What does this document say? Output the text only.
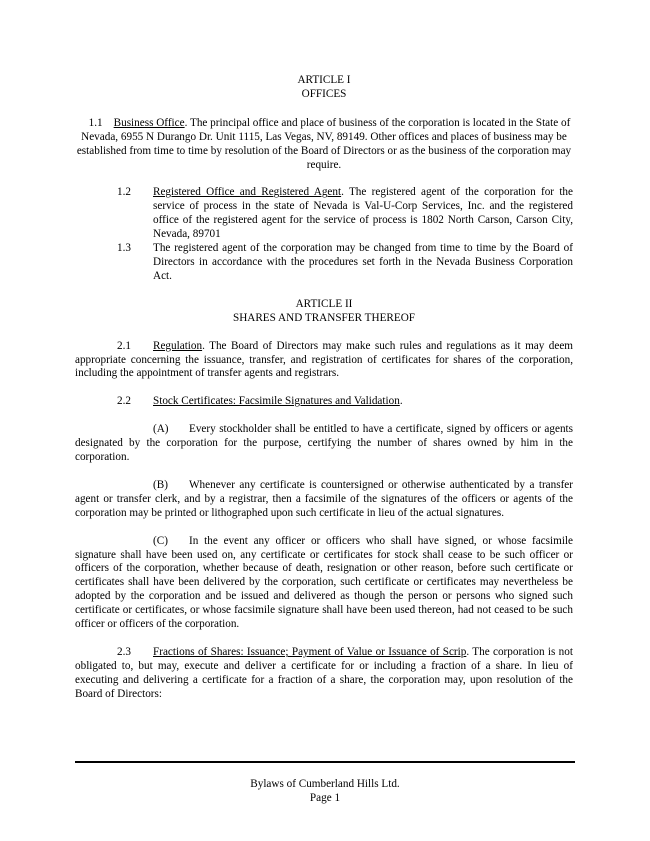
ARTICLE I
OFFICES

1.1 Business Office. The principal office and place of business of the corporation is located in the State of Nevada, 6955 N Durango Dr. Unit 1115, Las Vegas, NV, 89149. Other offices and places of business may be established from time to time by resolution of the Board of Directors or as the business of the corporation may require.

1.2 Registered Office and Registered Agent. The registered agent of the corporation for the service of process in the state of Nevada is Val-U-Corp Services, Inc. and the registered office of the registered agent for the service of process is 1802 North Carson, Carson City, Nevada, 89701

1.3 The registered agent of the corporation may be changed from time to time by the Board of Directors in accordance with the procedures set forth in the Nevada Business Corporation Act.

ARTICLE II
SHARES AND TRANSFER THEREOF

2.1 Regulation. The Board of Directors may make such rules and regulations as it may deem appropriate concerning the issuance, transfer, and registration of certificates for shares of the corporation, including the appointment of transfer agents and registrars.

2.2 Stock Certificates: Facsimile Signatures and Validation.

(A) Every stockholder shall be entitled to have a certificate, signed by officers or agents designated by the corporation for the purpose, certifying the number of shares owned by him in the corporation.

(B) Whenever any certificate is countersigned or otherwise authenticated by a transfer agent or transfer clerk, and by a registrar, then a facsimile of the signatures of the officers or agents of the corporation may be printed or lithographed upon such certificate in lieu of the actual signatures.

(C) In the event any officer or officers who shall have signed, or whose facsimile signature shall have been used on, any certificate or certificates for stock shall cease to be such officer or officers of the corporation, whether because of death, resignation or other reason, before such certificate or certificates shall have been delivered by the corporation, such certificate or certificates may nevertheless be adopted by the corporation and be issued and delivered as though the person or persons who signed such certificate or certificates, or whose facsimile signature shall have been used thereon, had not ceased to be such officer or officers of the corporation.

2.3 Fractions of Shares: Issuance; Payment of Value or Issuance of Scrip. The corporation is not obligated to, but may, execute and deliver a certificate for or including a fraction of a share. In lieu of executing and delivering a certificate for a fraction of a share, the corporation may, upon resolution of the Board of Directors:

Bylaws of Cumberland Hills Ltd.
Page 1
